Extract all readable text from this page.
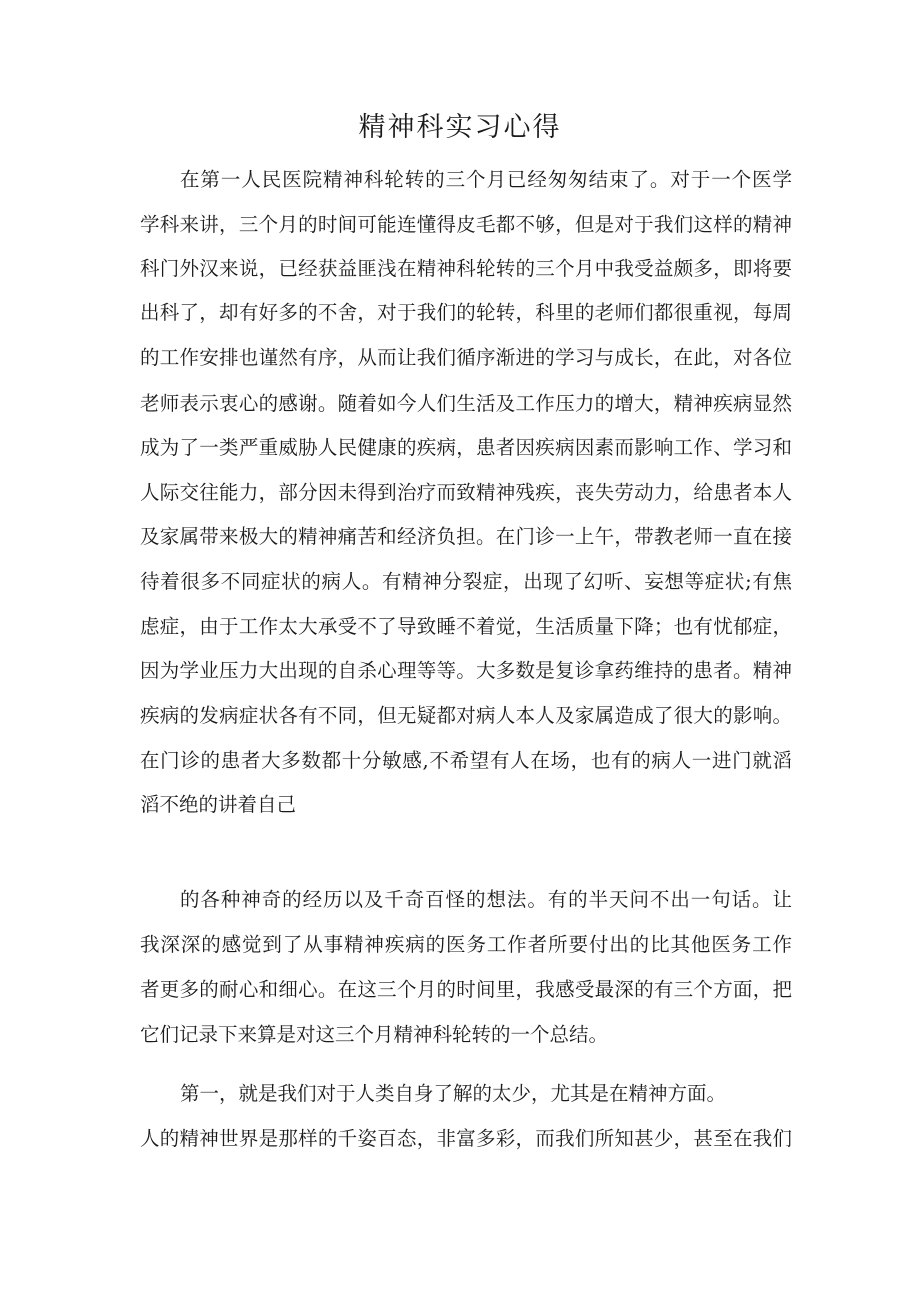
精神科实习心得
在第一人民医院精神科轮转的三个月已经匆匆结束了。对于一个医学
学科来讲，三个月的时间可能连懂得皮毛都不够，但是对于我们这样的精神
科门外汉来说，已经获益匪浅在精神科轮转的三个月中我受益颇多，即将要
出科了，却有好多的不舍，对于我们的轮转，科里的老师们都很重视，每周
的工作安排也谨然有序，从而让我们循序渐进的学习与成长，在此，对各位
老师表示衷心的感谢。随着如今人们生活及工作压力的增大，精神疾病显然
成为了一类严重威胁人民健康的疾病，患者因疾病因素而影响工作、学习和
人际交往能力，部分因未得到治疗而致精神残疾，丧失劳动力，给患者本人
及家属带来极大的精神痛苦和经济负担。在门诊一上午，带教老师一直在接
待着很多不同症状的病人。有精神分裂症，出现了幻听、妄想等症状;有焦
虑症，由于工作太大承受不了导致睡不着觉，生活质量下降；也有忧郁症，
因为学业压力大出现的自杀心理等等。大多数是复诊拿药维持的患者。精神
疾病的发病症状各有不同，但无疑都对病人本人及家属造成了很大的影响。
在门诊的患者大多数都十分敏感,不希望有人在场，也有的病人一进门就滔
滔不绝的讲着自己
的各种神奇的经历以及千奇百怪的想法。有的半天问不出一句话。让
我深深的感觉到了从事精神疾病的医务工作者所要付出的比其他医务工作
者更多的耐心和细心。在这三个月的时间里，我感受最深的有三个方面，把
它们记录下来算是对这三个月精神科轮转的一个总结。
第一，就是我们对于人类自身了解的太少，尤其是在精神方面。
人的精神世界是那样的千姿百态，非富多彩，而我们所知甚少，甚至在我们
